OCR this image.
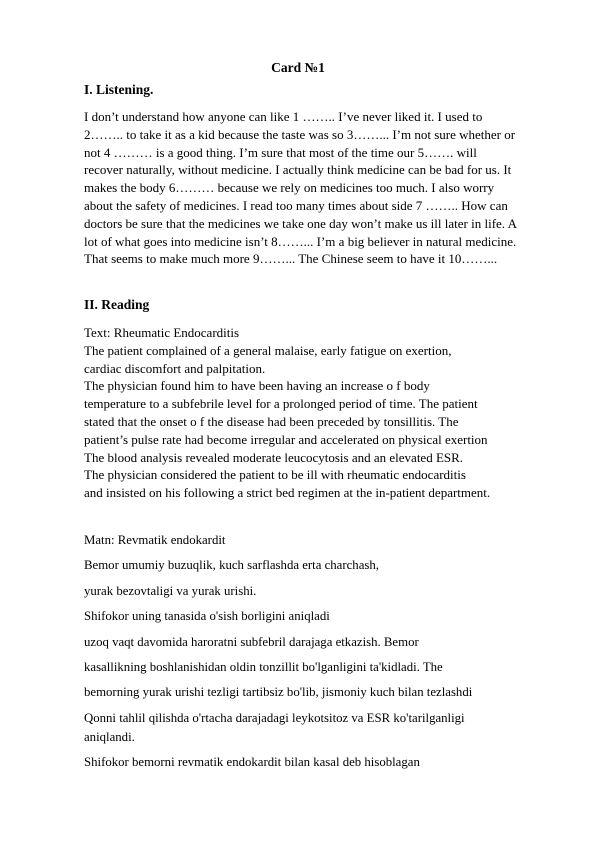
Card №1
I. Listening.
I don’t understand how anyone can like 1 …….. I’ve never liked it. I used to
2…….. to take it as a kid because the taste was so 3……... I’m not sure whether or
not 4 ……… is a good thing. I’m sure that most of the time our 5……. will
recover naturally, without medicine. I actually think medicine can be bad for us. It
makes the body 6……… because we rely on medicines too much. I also worry
about the safety of medicines. I read too many times about side 7 …….. How can
doctors be sure that the medicines we take one day won’t make us ill later in life. A
lot of what goes into medicine isn’t 8……... I’m a big believer in natural medicine.
That seems to make much more 9……... The Chinese seem to have it 10……...
II. Reading
Text: Rheumatic Endocarditis
The patient complained of a general malaise, early fatigue on exertion,
cardiac discomfort and palpitation.
The physician found him to have been having an increase o f body
temperature to a subfebrile level for a prolonged period of time. The patient
stated that the onset o f the disease had been preceded by tonsillitis. The
patient’s pulse rate had become irregular and accelerated on physical exertion
The blood analysis revealed moderate leucocytosis and an elevated ESR.
The physician considered the patient to be ill with rheumatic endocarditis
and insisted on his following a strict bed regimen at the in-patient department.
Matn: Revmatik endokardit
Bemor umumiy buzuqlik, kuch sarflashda erta charchash,
yurak bezovtaligi va yurak urishi.
Shifokor uning tanasida o'sish borligini aniqladi
uzoq vaqt davomida haroratni subfebril darajaga etkazish. Bemor
kasallikning boshlanishidan oldin tonzillit bo'lganligini ta'kidladi. The
bemorning yurak urishi tezligi tartibsiz bo'lib, jismoniy kuch bilan tezlashdi
Qonni tahlil qilishda o'rtacha darajadagi leykotsitoz va ESR ko'tarilganligi
aniqlandi.
Shifokor bemorni revmatik endokardit bilan kasal deb hisoblagan
